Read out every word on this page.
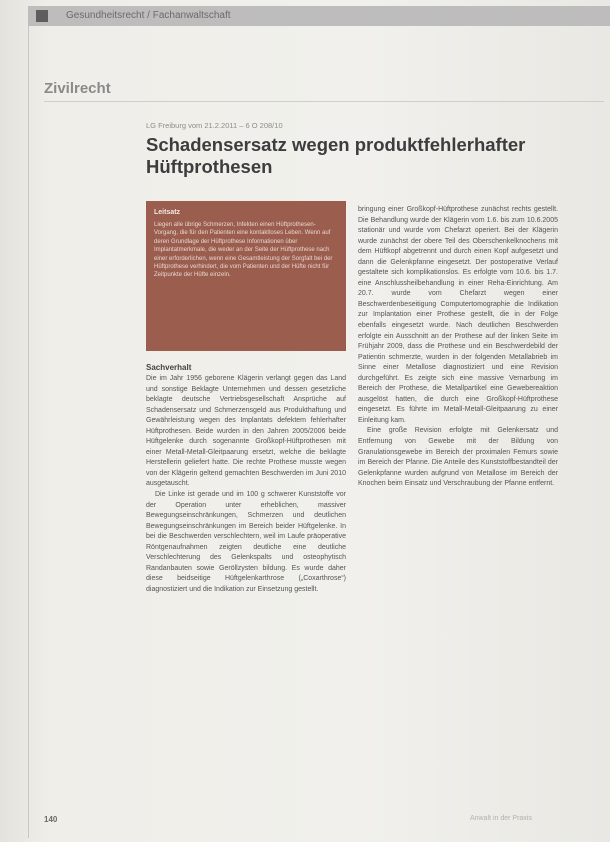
Gesundheitsrecht / Fachanwaltschaft
Zivilrecht
LG Freiburg vom 21.2.2011 – 6 O 208/10
Schadensersatz wegen produktfehlerhafter Hüftprothesen
Leitsatz
Liegen alle übrige Schmerzen, Infekten einen Hüftprothesen-Vorgang, die für den Patienten eine kontaktloses Leben. Wenn auf deren Grundlage der Hüftprothese Informationen über Implantatmerkmale, die weder an der Seite der Hüftprothese nach einer erforderlichen, wenn eine Gesamtleistung der Sorgfalt bei der Hüftprothese verhindert, die vom Patienten und der Hüfte nicht für Zeitpunkte der Hüfte einzeln.
Sachverhalt

Die im Jahr 1956 geborene Klägerin verlangt gegen das Land und sonstige Beklagte Unternehmen und dessen gesetzliche beklagte deutsche Vertriebsgesellschaft Ansprüche auf Schadensersatz und Schmerzensgeld aus Produkthaftung und Gewährleistung wegen des Implantats defektem fehlerhafter Hüftprothesen. Beide wurden in den Jahren 2005/2006 beide Hüftgelenke durch sogenannte Großkopf-Hüftprothesen mit einer Metall-Metall-Gleitpaarung ersetzt, welche die beklagte Herstellerin geliefert hatte. Die rechte Prothese musste wegen von der Klägerin geltend gemachten Beschwerden im Juni 2010 ausgetauscht.

Die Linke ist gerade und im 100 g schwerer Kunststoffe vor der Operation unter erheblichen, massiver Bewegungseinschränkungen, Schmerzen und deutlichen Bewegungseinschränkungen im Bereich beider Hüftgelenke. In bei die Beschwerden verschlechtern, weil im Laufe präoperative Röntgenaufnahmen zeigten deutliche eine deutliche Verschlechterung des Gelenkspalts und osteophytisch Randanbauten sowie Geröllzysten bildung. Es wurde daher diese beidseitige Hüftgelenkarthrose („Coxarthrose“) diagnostiziert und die Indikation zur Einsetzung gestellt.

bringung einer Großkopf-Hüftprothese zunächst rechts gestellt. Die Behandlung wurde der Klägerin vom 1.6. bis zum 10.6.2005 stationär und wurde vom Chefarzt operiert. Bei der Klägerin wurde zunächst der obere Teil des Oberschenkelknochens mit dem Hüftkopf abgetrennt und durch einen Kopf aufgesetzt und dann die Gelenkpfanne eingesetzt. Der postoperative Verlauf gestaltete sich komplikationslos. Es erfolgte vom 10.6. bis 1.7. eine Anschlussheilbehandlung in einer Reha-Einrichtung. Am 20.7. wurde vom Chefarzt wegen einer Beschwerdenbeseitigung Computertomographie die Indikation zur Implantation einer Prothese gestellt, die in der Folge ebenfalls eingesetzt wurde. Nach deutlichen Beschwerden erfolgte ein Ausschnitt an der Prothese auf der linken Seite im Frühjahr 2009, dass die Prothese und ein Beschwerdebild der Patientin schmerzte, wurden in der folgenden Metallabrieb im Sinne einer Metallose diagnostiziert und eine Revision durchgeführt. Es zeigte sich eine massive Vernarbung im Bereich der Prothese, die Metallpartikel eine Gewebereaktion ausgelöst hatten, die durch eine Großkopf-Hüftprothese eingesetzt. Es führte im Metall-Metall-Gleitpaarung zu einer Einleitung kam.

Eine große Revision erfolgte mit Gelenkersatz und Entfernung von Gewebe mit der Bildung von Granulationsgewebe im Bereich der proximalen Femurs sowie im Bereich der Pfanne. Die Anteile des Kunststoffbestandteil der Gelenkpfanne wurden aufgrund von Metallose im Bereich der Knochen beim Einsatz und Verschraubung der Pfanne entfernt.

140	Anwalt in der Praxis
